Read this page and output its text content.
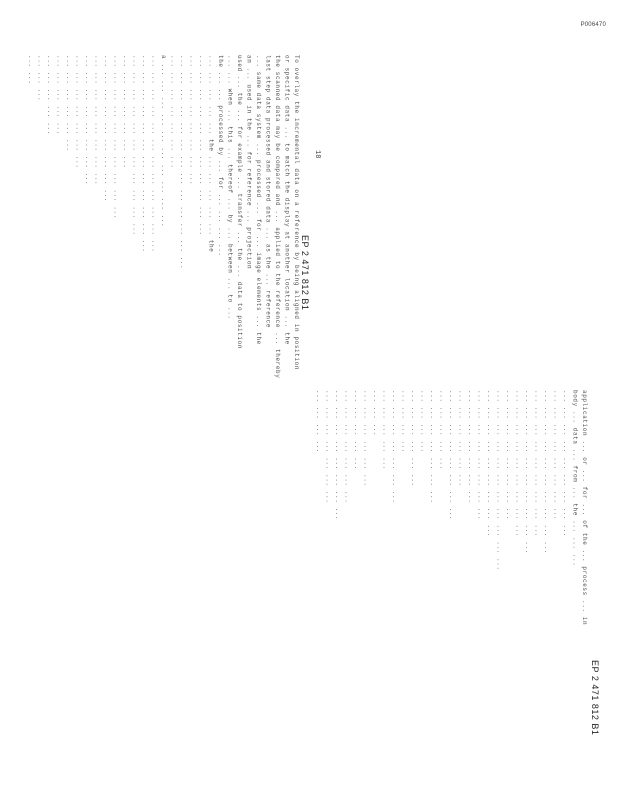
P006470
EP 2 471 812 B1
18
EP 2 471 812 B1
To overlay the incremental data on a reference by being aligned in position
or specific data ... to match the display at another location ... the
the scanned data may be compared and ... applied to the reference ... thereby
last step data processed and stored data ... as the ... reference
... same data system ... processed ... for ... image elements ... the
an ... used in the ... for reference ... projection
used ... the ... for example ... transfer ... the ... data to position
... ... when ... this ... thereof ... by ... between ... to ...
the ... ... processed by ... for ... ... ... ...
... ... ... ... ... the ... ... ... ... ... the
... ... ... ... ... ... ... ... ... ... ...
... ... ... ... ... ... ... ...
... ... ... ... ... ... ... ... ... ... ... ... ...
... ... ... ... ... ... ...
a ... ... ... ... ... ... ... ... ... ...
... ... ... ... ... ... ... ... ... ... ... ...
... ... ... ... ... ... ... ... ... ... ... ...
... ... ... ... ... ... ... ... ... ... ...
... ... ... ... ... ... ...
... ... ... ... ... ... ... ... ... ...
... ... ... ... ... ... ... ... ...
... ... ... ... ... ... ... ...
... ... ... ... ... ... ... ...
... ... ... ... ... ... ...
... ... ... ... ... ...
... ... ... ... ...
... ... ... ... ...
... ... ...
... ...
application ... or ... for ... of the ... process ... in
body ... data ... from ... the ... ... ...
... ... ... ... ... ... ... ... ...
... ... ... ... ... ... ... ...
... ... ... ... ... ... ... ... ... ...
... ... ... ... ... ... ... ... ...
... ... ... ... ... ... ... ... ... ...
... ... ... ... ... ... ... ... ...
... ... ... ... ... ... ... ...
... ... ... ... ... ... ... ... ... ... ...
... ... ... ... ... ... ... ... ...
... ... ... ... ... ... ... ...
... ... ... ... ... ... ...
... ... ... ... ... ...
... ... ... ... ... ... ... ...
... ... ... ... ...
... ... ... ... ... ... ...
... ... ... ...
... ... ... ... ... ...
... ... ... ...
... ... ... ... ... ... ...
... ... ... ... ...
... ... ...
... ... ... ... ... ...
... ... ... ... ...
... ... ... ... ... ... ...
... ... ... ... ... ... ... ...
... ... ... ... ... ... ...
... ... ... ...
